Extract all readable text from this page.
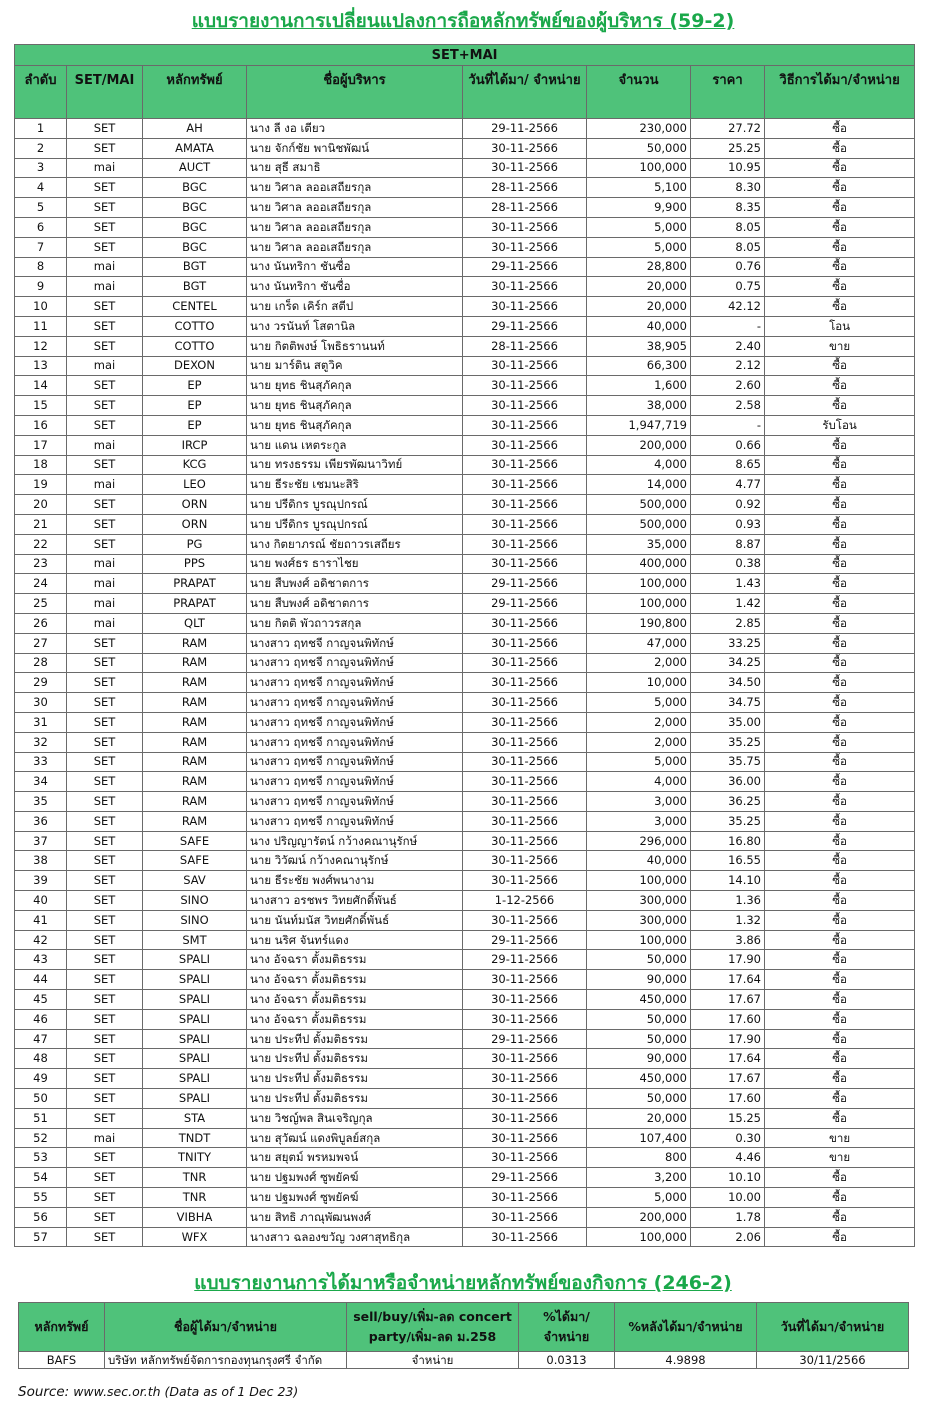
แบบรายงานการเปลี่ยนแปลงการถือหลักทรัพย์ของผู้บริหาร (59-2)
SET+MAI							
ลำดับ	SET/MAI	หลักทรัพย์	ชื่อผู้บริหาร	วันที่ได้มา/ จำหน่าย	จำนวน	ราคา	วิธีการได้มา/จำหน่าย
1	SET	AH	นาง ลี งอ เตียว	29-11-2566	230,000	27.72	ซื้อ
2	SET	AMATA	นาย จักก์ชัย พานิชพัฒน์	30-11-2566	50,000	25.25	ซื้อ
3	mai	AUCT	นาย สุธี สมาธิ	30-11-2566	100,000	10.95	ซื้อ
4	SET	BGC	นาย วิศาล ลออเสถียรกุล	28-11-2566	5,100	8.30	ซื้อ
5	SET	BGC	นาย วิศาล ลออเสถียรกุล	28-11-2566	9,900	8.35	ซื้อ
6	SET	BGC	นาย วิศาล ลออเสถียรกุล	30-11-2566	5,000	8.05	ซื้อ
7	SET	BGC	นาย วิศาล ลออเสถียรกุล	30-11-2566	5,000	8.05	ซื้อ
8	mai	BGT	นาง นันทริกา ชันซื่อ	29-11-2566	28,800	0.76	ซื้อ
9	mai	BGT	นาง นันทริกา ชันซื่อ	30-11-2566	20,000	0.75	ซื้อ
10	SET	CENTEL	นาย เกร็ด เคิร์ก สตีป	30-11-2566	20,000	42.12	ซื้อ
11	SET	COTTO	นาง วรนันท์ โสตานิล	29-11-2566	40,000	-	โอน
12	SET	COTTO	นาย กิตติพงษ์ โพธิธรานนท์	28-11-2566	38,905	2.40	ขาย
13	mai	DEXON	นาย มาร์ติน สตูวิค	30-11-2566	66,300	2.12	ซื้อ
14	SET	EP	นาย ยุทธ ชินสุภัคกุล	30-11-2566	1,600	2.60	ซื้อ
15	SET	EP	นาย ยุทธ ชินสุภัคกุล	30-11-2566	38,000	2.58	ซื้อ
16	SET	EP	นาย ยุทธ ชินสุภัคกุล	30-11-2566	1,947,719	-	รับโอน
17	mai	IRCP	นาย แดน เหตระกูล	30-11-2566	200,000	0.66	ซื้อ
18	SET	KCG	นาย ทรงธรรม เพียรพัฒนาวิทย์	30-11-2566	4,000	8.65	ซื้อ
19	mai	LEO	นาย ธีระชัย เชมนะสิริ	30-11-2566	14,000	4.77	ซื้อ
20	SET	ORN	นาย ปรีดิกร บูรณุปกรณ์	30-11-2566	500,000	0.92	ซื้อ
21	SET	ORN	นาย ปรีดิกร บูรณุปกรณ์	30-11-2566	500,000	0.93	ซื้อ
22	SET	PG	นาง กิตยาภรณ์ ชัยถาวรเสถียร	30-11-2566	35,000	8.87	ซื้อ
23	mai	PPS	นาย พงศ์ธร ธาราไชย	30-11-2566	400,000	0.38	ซื้อ
24	mai	PRAPAT	นาย สืบพงศ์ อดิชาตการ	29-11-2566	100,000	1.43	ซื้อ
25	mai	PRAPAT	นาย สืบพงศ์ อดิชาตการ	29-11-2566	100,000	1.42	ซื้อ
26	mai	QLT	นาย กิตติ พัวถาวรสกุล	30-11-2566	190,800	2.85	ซื้อ
27	SET	RAM	นางสาว ฤทชจี กาญจนพิทักษ์	30-11-2566	47,000	33.25	ซื้อ
28	SET	RAM	นางสาว ฤทชจี กาญจนพิทักษ์	30-11-2566	2,000	34.25	ซื้อ
29	SET	RAM	นางสาว ฤทชจี กาญจนพิทักษ์	30-11-2566	10,000	34.50	ซื้อ
30	SET	RAM	นางสาว ฤทชจี กาญจนพิทักษ์	30-11-2566	5,000	34.75	ซื้อ
31	SET	RAM	นางสาว ฤทชจี กาญจนพิทักษ์	30-11-2566	2,000	35.00	ซื้อ
32	SET	RAM	นางสาว ฤทชจี กาญจนพิทักษ์	30-11-2566	2,000	35.25	ซื้อ
33	SET	RAM	นางสาว ฤทชจี กาญจนพิทักษ์	30-11-2566	5,000	35.75	ซื้อ
34	SET	RAM	นางสาว ฤทชจี กาญจนพิทักษ์	30-11-2566	4,000	36.00	ซื้อ
35	SET	RAM	นางสาว ฤทชจี กาญจนพิทักษ์	30-11-2566	3,000	36.25	ซื้อ
36	SET	RAM	นางสาว ฤทชจี กาญจนพิทักษ์	30-11-2566	3,000	35.25	ซื้อ
37	SET	SAFE	นาง ปริญญารัตน์ กว้างคณานุรักษ์	30-11-2566	296,000	16.80	ซื้อ
38	SET	SAFE	นาย วิวัฒน์ กว้างคณานุรักษ์	30-11-2566	40,000	16.55	ซื้อ
39	SET	SAV	นาย ธีระชัย พงศ์พนางาม	30-11-2566	100,000	14.10	ซื้อ
40	SET	SINO	นางสาว อรชพร วิทยศักดิ์พันธ์	1-12-2566	300,000	1.36	ซื้อ
41	SET	SINO	นาย นันท์มนัส วิทยศักดิ์พันธ์	30-11-2566	300,000	1.32	ซื้อ
42	SET	SMT	นาย นริศ จันทร์แดง	29-11-2566	100,000	3.86	ซื้อ
43	SET	SPALI	นาง อัจฉรา ตั้งมติธรรม	29-11-2566	50,000	17.90	ซื้อ
44	SET	SPALI	นาง อัจฉรา ตั้งมติธรรม	30-11-2566	90,000	17.64	ซื้อ
45	SET	SPALI	นาง อัจฉรา ตั้งมติธรรม	30-11-2566	450,000	17.67	ซื้อ
46	SET	SPALI	นาง อัจฉรา ตั้งมติธรรม	30-11-2566	50,000	17.60	ซื้อ
47	SET	SPALI	นาย ประทีป ตั้งมติธรรม	29-11-2566	50,000	17.90	ซื้อ
48	SET	SPALI	นาย ประทีป ตั้งมติธรรม	30-11-2566	90,000	17.64	ซื้อ
49	SET	SPALI	นาย ประทีป ตั้งมติธรรม	30-11-2566	450,000	17.67	ซื้อ
50	SET	SPALI	นาย ประทีป ตั้งมติธรรม	30-11-2566	50,000	17.60	ซื้อ
51	SET	STA	นาย วิชญ์พล สินเจริญกุล	30-11-2566	20,000	15.25	ซื้อ
52	mai	TNDT	นาย สุวัฒน์ แดงพิบูลย์สกุล	30-11-2566	107,400	0.30	ขาย
53	SET	TNITY	นาย สยุตม์ พรหมพจน์	30-11-2566	800	4.46	ขาย
54	SET	TNR	นาย ปฐมพงศ์ ซูพยัคฆ์	29-11-2566	3,200	10.10	ซื้อ
55	SET	TNR	นาย ปฐมพงศ์ ซูพยัคฆ์	30-11-2566	5,000	10.00	ซื้อ
56	SET	VIBHA	นาย สิทธิ ภาณุพัฒนพงศ์	30-11-2566	200,000	1.78	ซื้อ
57	SET	WFX	นางสาว ฉลองขวัญ วงศาสุทธิกุล	30-11-2566	100,000	2.06	ซื้อ
แบบรายงานการได้มาหรือจำหน่ายหลักทรัพย์ของกิจการ (246-2)
หลักทรัพย์	ชื่อผู้ได้มา/จำหน่าย	sell/buy/เพิ่ม-ลด concert party/เพิ่ม-ลด ม.258	%ได้มา/ จำหน่าย	%หลังได้มา/จำหน่าย	วันที่ได้มา/จำหน่าย
BAFS	บริษัท หลักทรัพย์จัดการกองทุนกรุงศรี จำกัด	จำหน่าย	0.0313	4.9898	30/11/2566
Source: www.sec.or.th (Data as of 1 Dec 23)
